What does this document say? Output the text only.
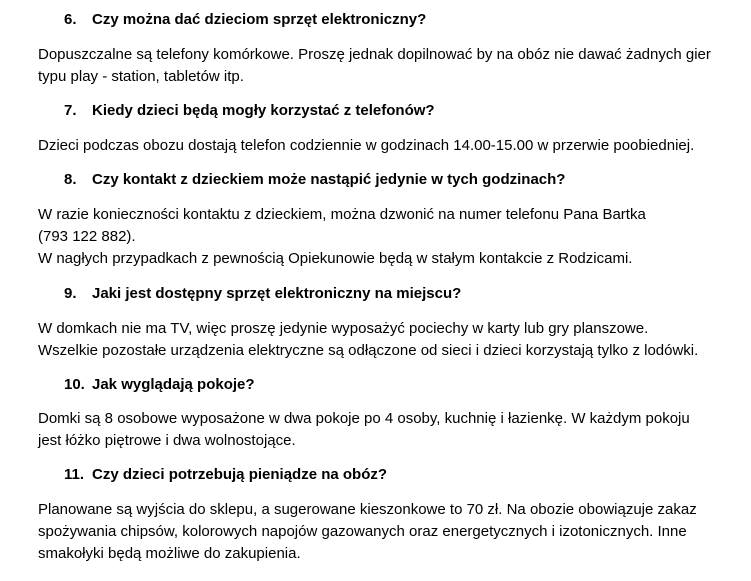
6. Czy można dać dzieciom sprzęt elektroniczny?
Dopuszczalne są telefony komórkowe. Proszę jednak dopilnować by na obóz nie dawać żadnych gier
typu play - station, tabletów itp.
7. Kiedy dzieci będą mogły korzystać z telefonów?
Dzieci podczas obozu dostają telefon codziennie w godzinach 14.00-15.00 w przerwie poobiedniej.
8. Czy kontakt z dzieckiem może nastąpić jedynie w tych godzinach?
W razie konieczności kontaktu z dzieckiem, można dzwonić na numer telefonu Pana Bartka
(793 122 882).
W nagłych przypadkach z pewnością Opiekunowie będą w stałym kontakcie z Rodzicami.
9. Jaki jest dostępny sprzęt elektroniczny na miejscu?
W domkach nie ma TV, więc proszę jedynie wyposażyć pociechy w karty lub gry planszowe.
Wszelkie pozostałe urządzenia elektryczne są odłączone od sieci i dzieci korzystają tylko z lodówki.
10. Jak wyglądają pokoje?
Domki są 8 osobowe wyposażone w dwa pokoje po 4 osoby, kuchnię i łazienkę. W każdym pokoju
jest łóżko piętrowe i dwa wolnostojące.
11. Czy dzieci potrzebują pieniądze na obóz?
Planowane są wyjścia do sklepu, a sugerowane kieszonkowe to 70 zł. Na obozie obowiązuje zakaz
spożywania chipsów, kolorowych napojów gazowanych oraz energetycznych i izotonicznych. Inne
smakołyki będą możliwe do zakupienia.
